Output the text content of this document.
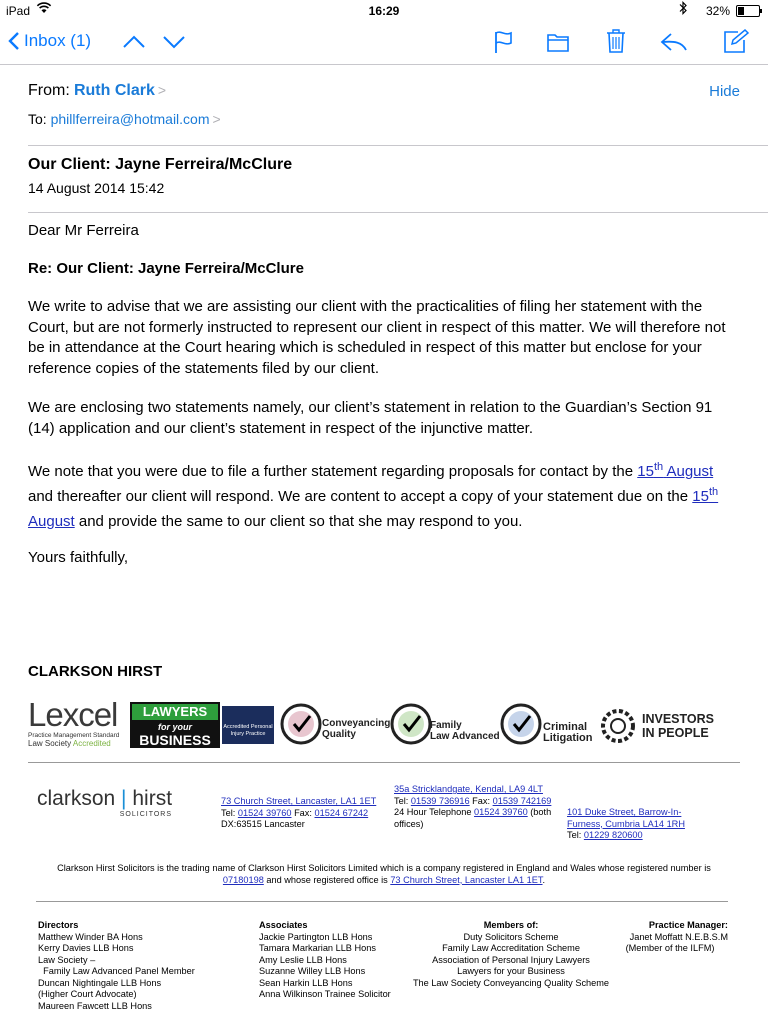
iPad	16:29	32%
Inbox (1)
From: Ruth Clark >	Hide
To: phillferreira@hotmail.com >
Our Client: Jayne Ferreira/McClure
14 August 2014 15:42
Dear Mr Ferreira
Re: Our Client: Jayne Ferreira/McClure
We write to advise that we are assisting our client with the practicalities of filing her statement with the Court, but are not formerly instructed to represent our client in respect of this matter. We will therefore not be in attendance at the Court hearing which is scheduled in respect of this matter but enclose for your reference copies of the statements filed by our client.
We are enclosing two statements namely, our client’s statement in relation to the Guardian’s Section 91 (14) application and our client’s statement in respect of the injunctive matter.
We note that you were due to file a further statement regarding proposals for contact by the 15th August and thereafter our client will respond. We are content to accept a copy of your statement due on the 15th August and provide the same to our client so that she may respond to you.
Yours faithfully,
CLARKSON HIRST
Lexcel
Practice Management Standard
Law Society Accredited
LAWYERS
for your
BUSINESS
Accredited Personal Injury Practice
Conveyancing
Quality
Family
Law Advanced
Criminal
Litigation
INVESTORS
IN PEOPLE
clarkson | hirst
SOLICITORS
73 Church Street, Lancaster, LA1 1ET
Tel: 01524 39760 Fax: 01524 67242
DX:63515 Lancaster
35a Stricklandgate, Kendal, LA9 4LT
Tel: 01539 736916 Fax: 01539 742169
24 Hour Telephone 01524 39760 (both offices)
101 Duke Street, Barrow-In-Furness, Cumbria LA14 1RH
Tel: 01229 820600
Clarkson Hirst Solicitors is the trading name of Clarkson Hirst Solicitors Limited which is a company registered in England and Wales whose registered number is 07180198 and whose registered office is 73 Church Street, Lancaster LA1 1ET.
Directors
Matthew Winder BA Hons
Kerry Davies LLB Hons
Law Society –
Family Law Advanced Panel Member
Duncan Nightingale LLB Hons
(Higher Court Advocate)
Maureen Fawcett LLB Hons
Associates
Jackie Partington LLB Hons
Tamara Markarian LLB Hons
Amy Leslie LLB Hons
Suzanne Willey LLB Hons
Sean Harkin LLB Hons
Anna Wilkinson Trainee Solicitor
Members of:
Duty Solicitors Scheme
Family Law Accreditation Scheme
Association of Personal Injury Lawyers
Lawyers for your Business
The Law Society Conveyancing Quality Scheme
Practice Manager:
Janet Moffatt N.E.B.S.M
(Member of the ILFM)
